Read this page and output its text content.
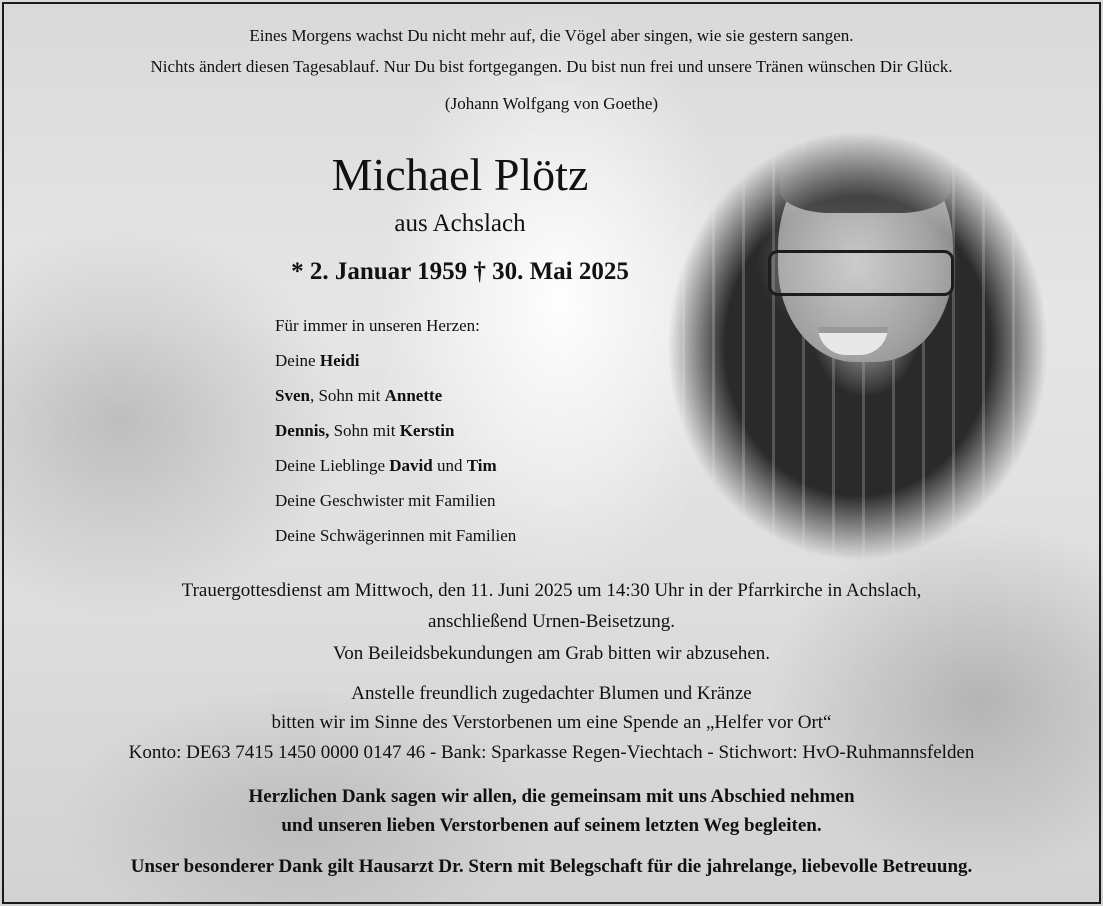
Eines Morgens wachst Du nicht mehr auf, die Vögel aber singen, wie sie gestern sangen.
Nichts ändert diesen Tagesablauf. Nur Du bist fortgegangen. Du bist nun frei und unsere Tränen wünschen Dir Glück.
(Johann Wolfgang von Goethe)
Michael Plötz
aus Achslach
* 2. Januar 1959 † 30. Mai 2025
Für immer in unseren Herzen:
Deine Heidi
Sven, Sohn mit Annette
Dennis, Sohn mit Kerstin
Deine Lieblinge David und Tim
Deine Geschwister mit Familien
Deine Schwägerinnen mit Familien
Trauergottesdienst am Mittwoch, den 11. Juni 2025 um 14:30 Uhr in der Pfarrkirche in Achslach,
anschließend Urnen-Beisetzung.
Von Beileidsbekundungen am Grab bitten wir abzusehen.
Anstelle freundlich zugedachter Blumen und Kränze
bitten wir im Sinne des Verstorbenen um eine Spende an „Helfer vor Ort“
Konto: DE63 7415 1450 0000 0147 46 - Bank: Sparkasse Regen-Viechtach - Stichwort: HvO-Ruhmannsfelden
Herzlichen Dank sagen wir allen, die gemeinsam mit uns Abschied nehmen
und unseren lieben Verstorbenen auf seinem letzten Weg begleiten.
Unser besonderer Dank gilt Hausarzt Dr. Stern mit Belegschaft für die jahrelange, liebevolle Betreuung.
